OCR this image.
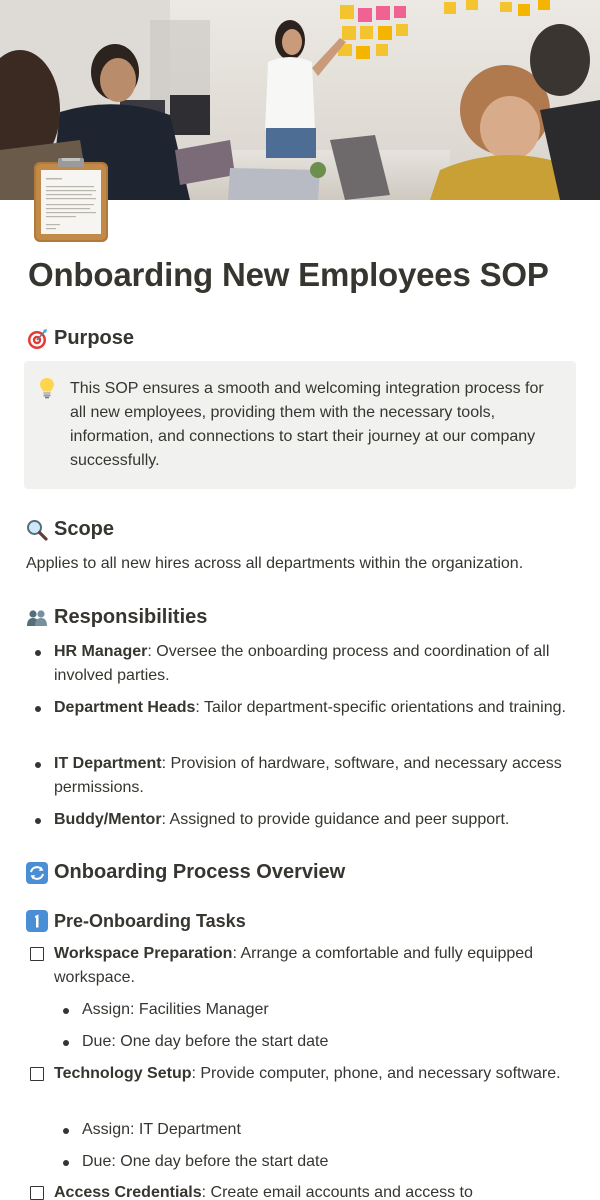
Onboarding New Employees SOP
Purpose
This SOP ensures a smooth and welcoming integration process for all new employees, providing them with the necessary tools, information, and connections to start their journey at our company successfully.
Scope
Applies to all new hires across all departments within the organization.
Responsibilities
HR Manager: Oversee the onboarding process and coordination of all involved parties.
Department Heads: Tailor department-specific orientations and training.
IT Department: Provision of hardware, software, and necessary access permissions.
Buddy/Mentor: Assigned to provide guidance and peer support.
Onboarding Process Overview
Pre-Onboarding Tasks
Workspace Preparation: Arrange a comfortable and fully equipped workspace.
Assign: Facilities Manager
Due: One day before the start date
Technology Setup: Provide computer, phone, and necessary software.
Assign: IT Department
Due: One day before the start date
Access Credentials: Create email accounts and access to
